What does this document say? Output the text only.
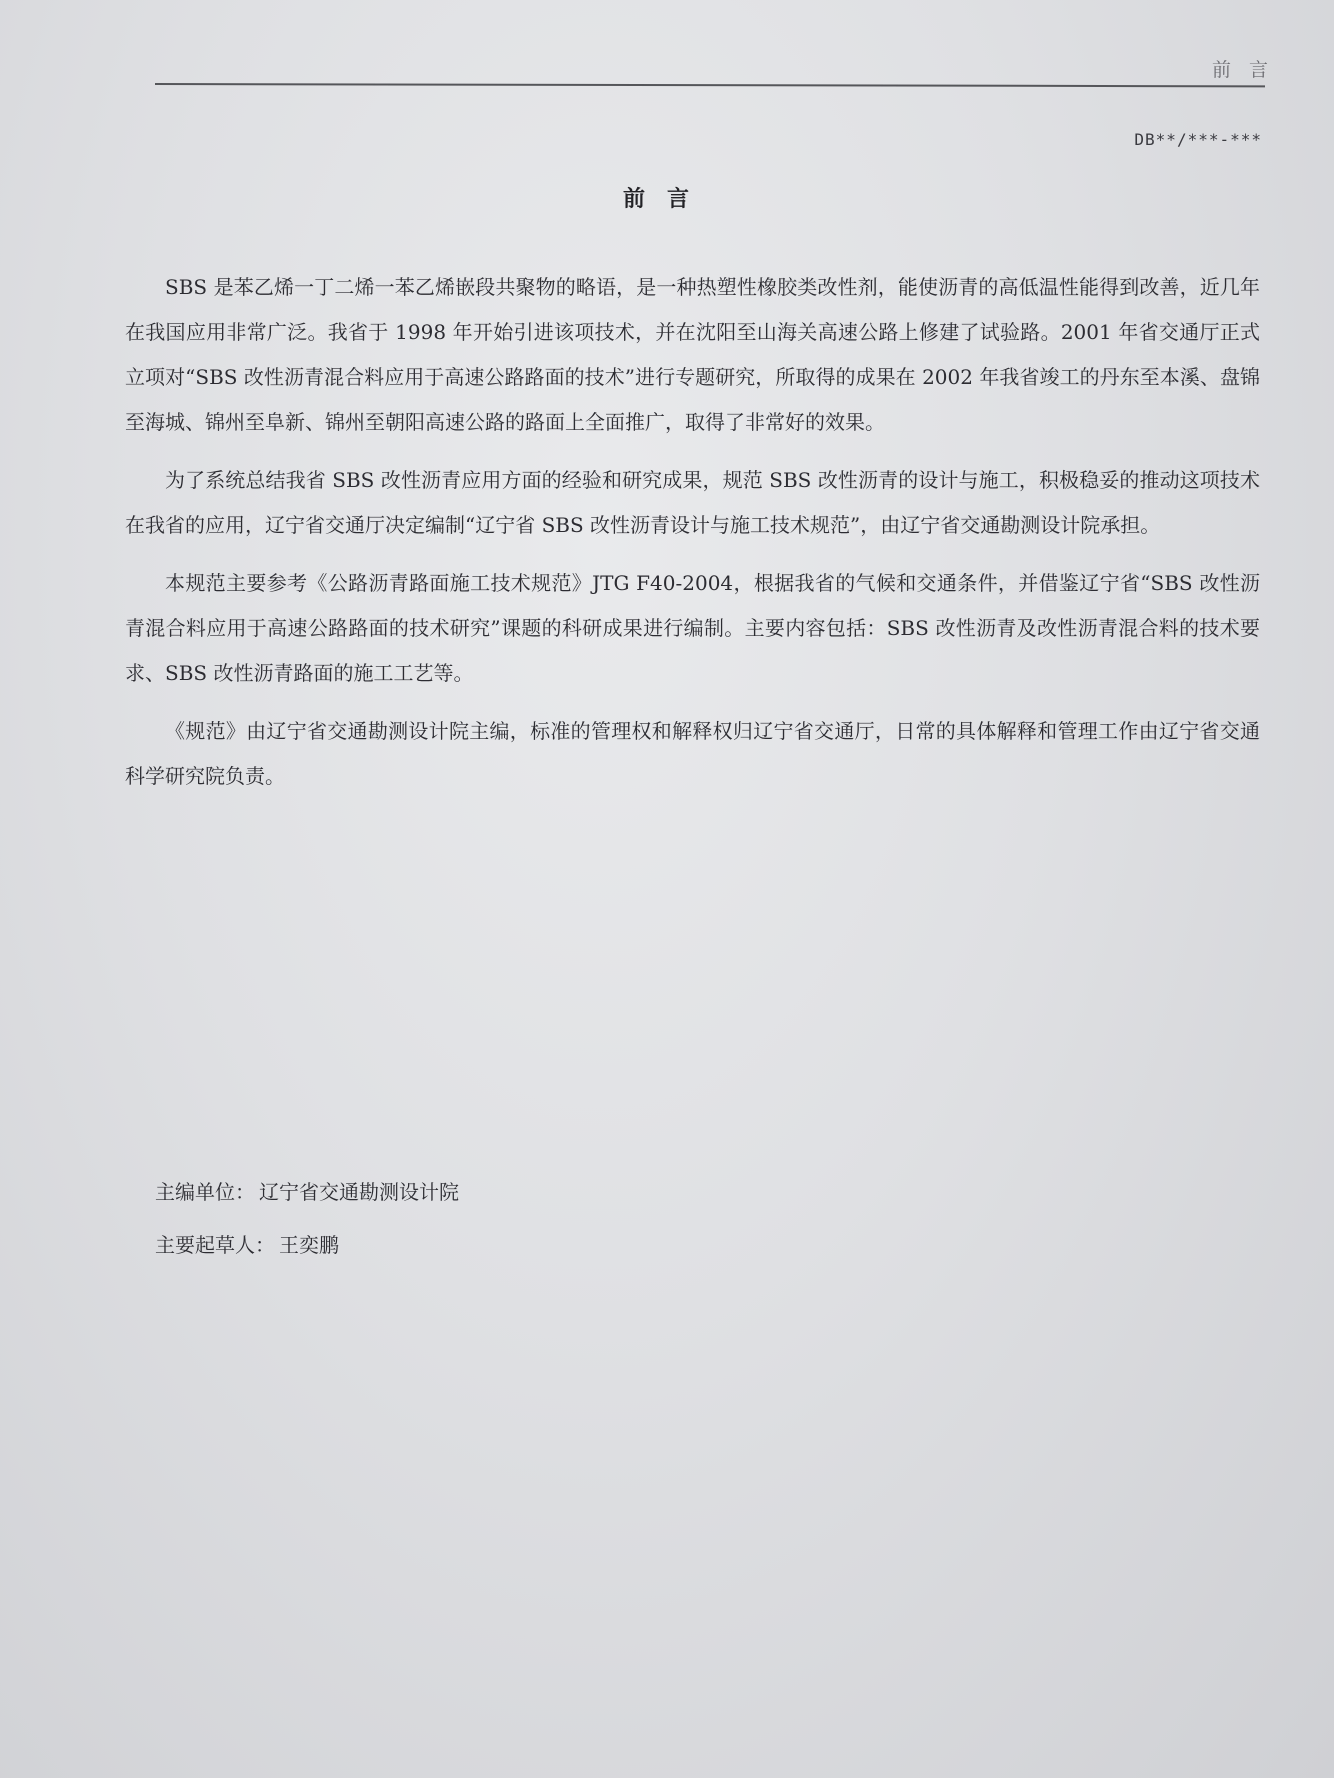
前 言
DB**/***-***
前言

SBS 是苯乙烯一丁二烯一苯乙烯嵌段共聚物的略语，是一种热塑性橡胶类改性剂，能使沥青的高低温性能得到改善，近几年在我国应用非常广泛。我省于 1998 年开始引进该项技术，并在沈阳至山海关高速公路上修建了试验路。2001 年省交通厅正式立项对“SBS 改性沥青混合料应用于高速公路路面的技术”进行专题研究，所取得的成果在 2002 年我省竣工的丹东至本溪、盘锦至海城、锦州至阜新、锦州至朝阳高速公路的路面上全面推广，取得了非常好的效果。

为了系统总结我省 SBS 改性沥青应用方面的经验和研究成果，规范 SBS 改性沥青的设计与施工，积极稳妥的推动这项技术在我省的应用，辽宁省交通厅决定编制“辽宁省 SBS 改性沥青设计与施工技术规范”，由辽宁省交通勘测设计院承担。

本规范主要参考《公路沥青路面施工技术规范》JTG F40-2004，根据我省的气候和交通条件，并借鉴辽宁省“SBS 改性沥青混合料应用于高速公路路面的技术研究”课题的科研成果进行编制。主要内容包括：SBS 改性沥青及改性沥青混合料的技术要求、SBS 改性沥青路面的施工工艺等。

《规范》由辽宁省交通勘测设计院主编，标准的管理权和解释权归辽宁省交通厅，日常的具体解释和管理工作由辽宁省交通科学研究院负责。

主编单位： 辽宁省交通勘测设计院
主要起草人： 王奕鹏
